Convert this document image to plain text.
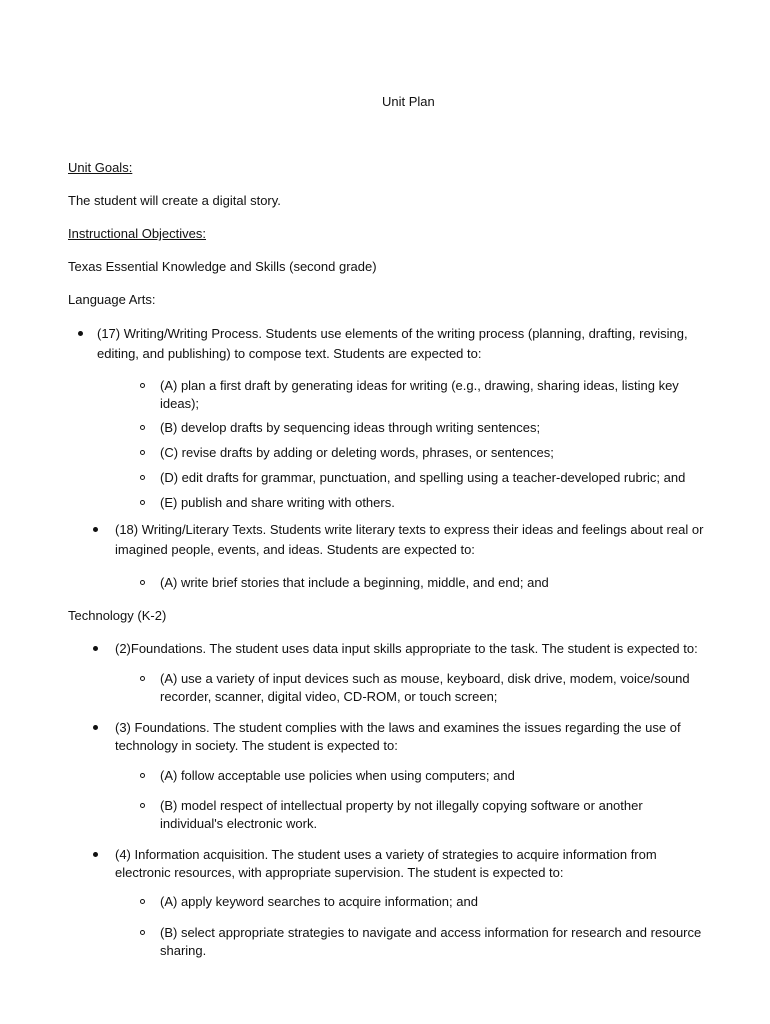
Unit Plan

Unit Goals:

The student will create a digital story.

Instructional Objectives:

Texas Essential Knowledge and Skills (second grade)

Language Arts:

(17) Writing/Writing Process. Students use elements of the writing process (planning, drafting, revising,

editing, and publishing) to compose text. Students are expected to:

(A) plan a first draft by generating ideas for writing (e.g., drawing, sharing ideas, listing key

ideas);

(B) develop drafts by sequencing ideas through writing sentences;

(C) revise drafts by adding or deleting words, phrases, or sentences;

(D) edit drafts for grammar, punctuation, and spelling using a teacher-developed rubric; and

(E) publish and share writing with others.

(18) Writing/Literary Texts. Students write literary texts to express their ideas and feelings about real or

imagined people, events, and ideas. Students are expected to:

(A) write brief stories that include a beginning, middle, and end; and

Technology (K-2)

(2)Foundations. The student uses data input skills appropriate to the task. The student is expected to:

(A) use a variety of input devices such as mouse, keyboard, disk drive, modem, voice/sound

recorder, scanner, digital video, CD-ROM, or touch screen;

(3) Foundations. The student complies with the laws and examines the issues regarding the use of

technology in society. The student is expected to:

(A) follow acceptable use policies when using computers; and

(B) model respect of intellectual property by not illegally copying software or another

individual's electronic work.

(4) Information acquisition. The student uses a variety of strategies to acquire information from

electronic resources, with appropriate supervision. The student is expected to:

(A) apply keyword searches to acquire information; and

(B) select appropriate strategies to navigate and access information for research and resource

sharing.
